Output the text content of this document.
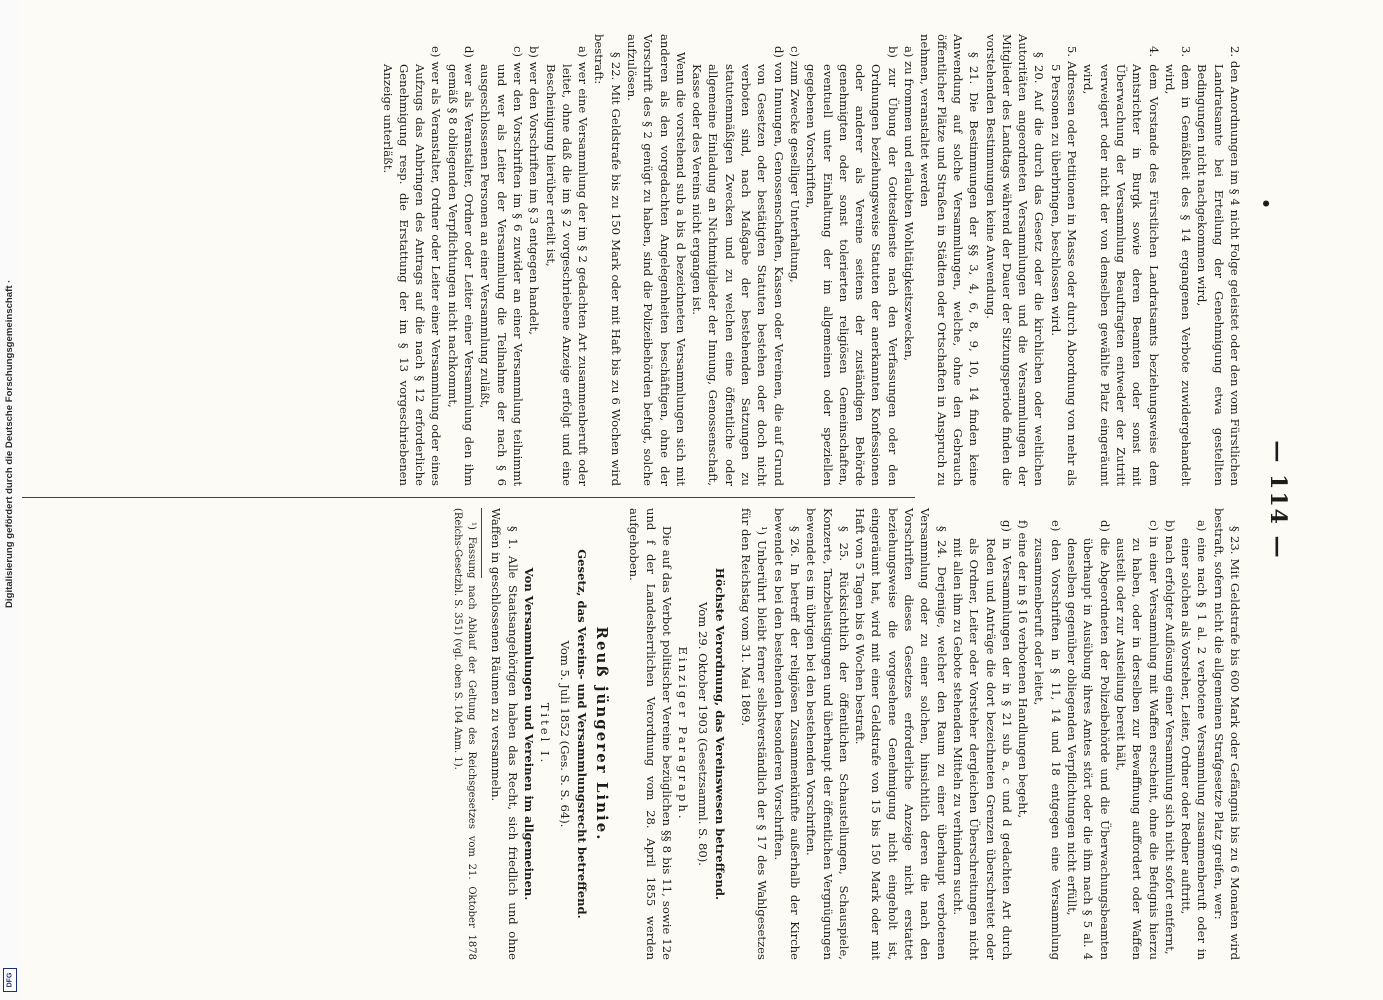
— 114 —
●

2. den Anordnungen im § 4 nicht Folge geleistet oder den vom Fürstlichen Landratsamte bei Erteilung der Genehmigung etwa gestellten Bedingungen nicht nachgekommen wird,

3. dem in Gemäßheit des § 14 ergangenen Verbote zuwidergehandelt wird,

4. dem Vorstande des Fürstlichen Landratsamts beziehungsweise dem Amtsrichter in Burgk sowie deren Beamten oder sonst mit Überwachung der Versammlung Beauftragten entweder der Zutritt verweigert oder nicht der von denselben gewählte Platz eingeräumt wird,

5. Adressen oder Petitionen in Masse oder durch Abordnung von mehr als 5 Personen zu überbringen, beschlossen wird.

§ 20. Auf die durch das Gesetz oder die kirchlichen oder weltlichen Autoritäten angeordneten Versammlungen und die Versammlungen der Mitglieder des Landtags während der Dauer der Sitzungsperiode finden die vorstehenden Bestimmungen keine Anwendung.

§ 21. Die Bestimmungen der §§ 3, 4, 6, 8, 9, 10, 14 finden keine Anwendung auf solche Versammlungen, welche, ohne den Gebrauch öffentlicher Plätze und Straßen in Städten oder Ortschaften in Anspruch zu nehmen, veranstaltet werden

a) zu frommen und erlaubten Wohltätigkeitszwecken,

b) zur Übung der Gottesdienste nach den Verfassungen oder den Ordnungen beziehungsweise Statuten der anerkannten Konfessionen oder anderer als Vereine seitens der zuständigen Behörde genehmigten oder sonst tolerierten religiösen Gemeinschaften, eventuell unter Einhaltung der im allgemeinen oder speziellen gegebenen Vorschriften,

c) zum Zwecke geselliger Unterhaltung,

d) von Innungen, Genossenschaften, Kassen oder Vereinen, die auf Grund von Gesetzen oder bestätigten Statuten bestehen oder doch nicht verboten sind, nach Maßgabe der bestehenden Satzungen zu statutenmäßigen Zwecken und zu welchen eine öffentliche oder allgemeine Einladung an Nichtmitglieder der Innung, Genossenschaft, Kasse oder des Vereins nicht ergangen ist.

Wenn die vorstehend sub a bis d bezeichneten Versammlungen sich mit anderen als den vorgedachten Angelegenheiten beschäftigen, ohne der Vorschrift des § 2 genügt zu haben, sind die Polizeibehörden befugt, solche aufzulösen.

§ 22. Mit Geldstrafe bis zu 150 Mark oder mit Haft bis zu 6 Wochen wird bestraft:

a) wer eine Versammlung der im § 2 gedachten Art zusammenberuft oder leitet, ohne daß die im § 2 vorgeschriebene Anzeige erfolgt und eine Bescheinigung hierüber erteilt ist,

b) wer den Vorschriften im § 3 entgegen handelt,

c) wer den Vorschriften im § 6 zuwider an einer Versammlung teilnimmt und wer als Leiter der Versammlung die Teilnahme der nach § 6 ausgeschlossenen Personen an einer Versammlung zuläßt,

d) wer als Veranstalter, Ordner oder Leiter einer Versammlung den ihm gemäß § 8 obliegenden Verpflichtungen nicht nachkommt,

e) wer als Veranstalter, Ordner oder Leiter einer Versammlung oder eines Aufzugs das Anbringen des Antrags auf die nach § 12 erforderliche Genehmigung resp. die Erstattung der im § 13 vorgeschriebenen Anzeige unterläßt.

§ 23. Mit Geldstrafe bis 600 Mark oder Gefängnis bis zu 6 Monaten wird bestraft, sofern nicht die allgemeinen Strafgesetze Platz greifen, wer:

a) eine nach § 1 al. 2 verbotene Versammlung zusammenberuft oder in einer solchen als Vorsteher, Leiter, Ordner oder Redner auftritt,

b) nach erfolgter Auflösung einer Versammlung sich nicht sofort entfernt,

c) in einer Versammlung mit Waffen erscheint, ohne die Befugnis hierzu zu haben, oder in derselben zur Bewaffnung auffordert oder Waffen austeilt oder zur Austeilung bereit hält,

d) die Abgeordneten der Polizeibehörde und die Überwachungsbeamten überhaupt in Ausübung ihres Amtes stört oder die ihm nach § 5 al. 4 denselben gegenüber obliegenden Verpflichtungen nicht erfüllt,

e) den Vorschriften in § 11, 14 und 18 entgegen eine Versammlung zusammenberuft oder leitet,

f) eine der in § 16 verbotenen Handlungen begeht,

g) in Versammlungen der in § 21 sub a, c und d gedachten Art durch Reden und Anträge die dort bezeichneten Grenzen überschreitet oder als Ordner, Leiter oder Vorsteher dergleichen Überschreitungen nicht mit allen ihm zu Gebote stehenden Mitteln zu verhindern sucht.

§ 24. Derjenige, welcher den Raum zu einer überhaupt verbotenen Versammlung oder zu einer solchen, hinsichtlich deren die nach den Vorschriften dieses Gesetzes erforderliche Anzeige nicht erstattet beziehungsweise die vorgesehene Genehmigung nicht eingeholt ist, eingeräumt hat, wird mit einer Geldstrafe von 15 bis 150 Mark oder mit Haft von 5 Tagen bis 6 Wochen bestraft.

§ 25. Rücksichtlich der öffentlichen Schaustellungen, Schauspiele, Konzerte, Tanzbelustigungen und überhaupt der öffentlichen Vergnügungen bewendet es im übrigen bei den bestehenden Vorschriften.

§ 26. In betreff der religiösen Zusammenkünfte außerhalb der Kirche bewendet es bei den bestehenden besonderen Vorschriften.

¹) Unberührt bleibt ferner selbstverständlich der § 17 des Wahlgesetzes für den Reichstag vom 31. Mai 1869.

Höchste Verordnung, das Vereinswesen betreffend.

Vom 29. Oktober 1903 (Gesetzsamml. S. 80).

Einziger Paragraph.

Die auf das Verbot politischer Vereine bezüglichen §§ 8 bis 11, sowie 12e und f der Landesherrlichen Verordnung vom 28. April 1855 werden aufgehoben.

Reuß jüngerer Linie.

Gesetz, das Vereins- und Versammlungsrecht betreffend.

Vom 5. Juli 1852 (Ges. S. S. 64).

Titel I.

Von Versammlungen und Vereinen im allgemeinen.

§ 1. Alle Staatsangehörigen haben das Recht, sich friedlich und ohne Waffen in geschlossenen Räumen zu versammeln.

¹) Fassung nach Ablauf der Geltung des Reichsgesetzes vom 21. Oktober 1878 (Reichs-Gesetzbl. S. 351) (vgl. oben S. 104 Anm. 1).

Digitalisierung gefördert durch die Deutsche Forschungsgemeinschaft ·
DFG
